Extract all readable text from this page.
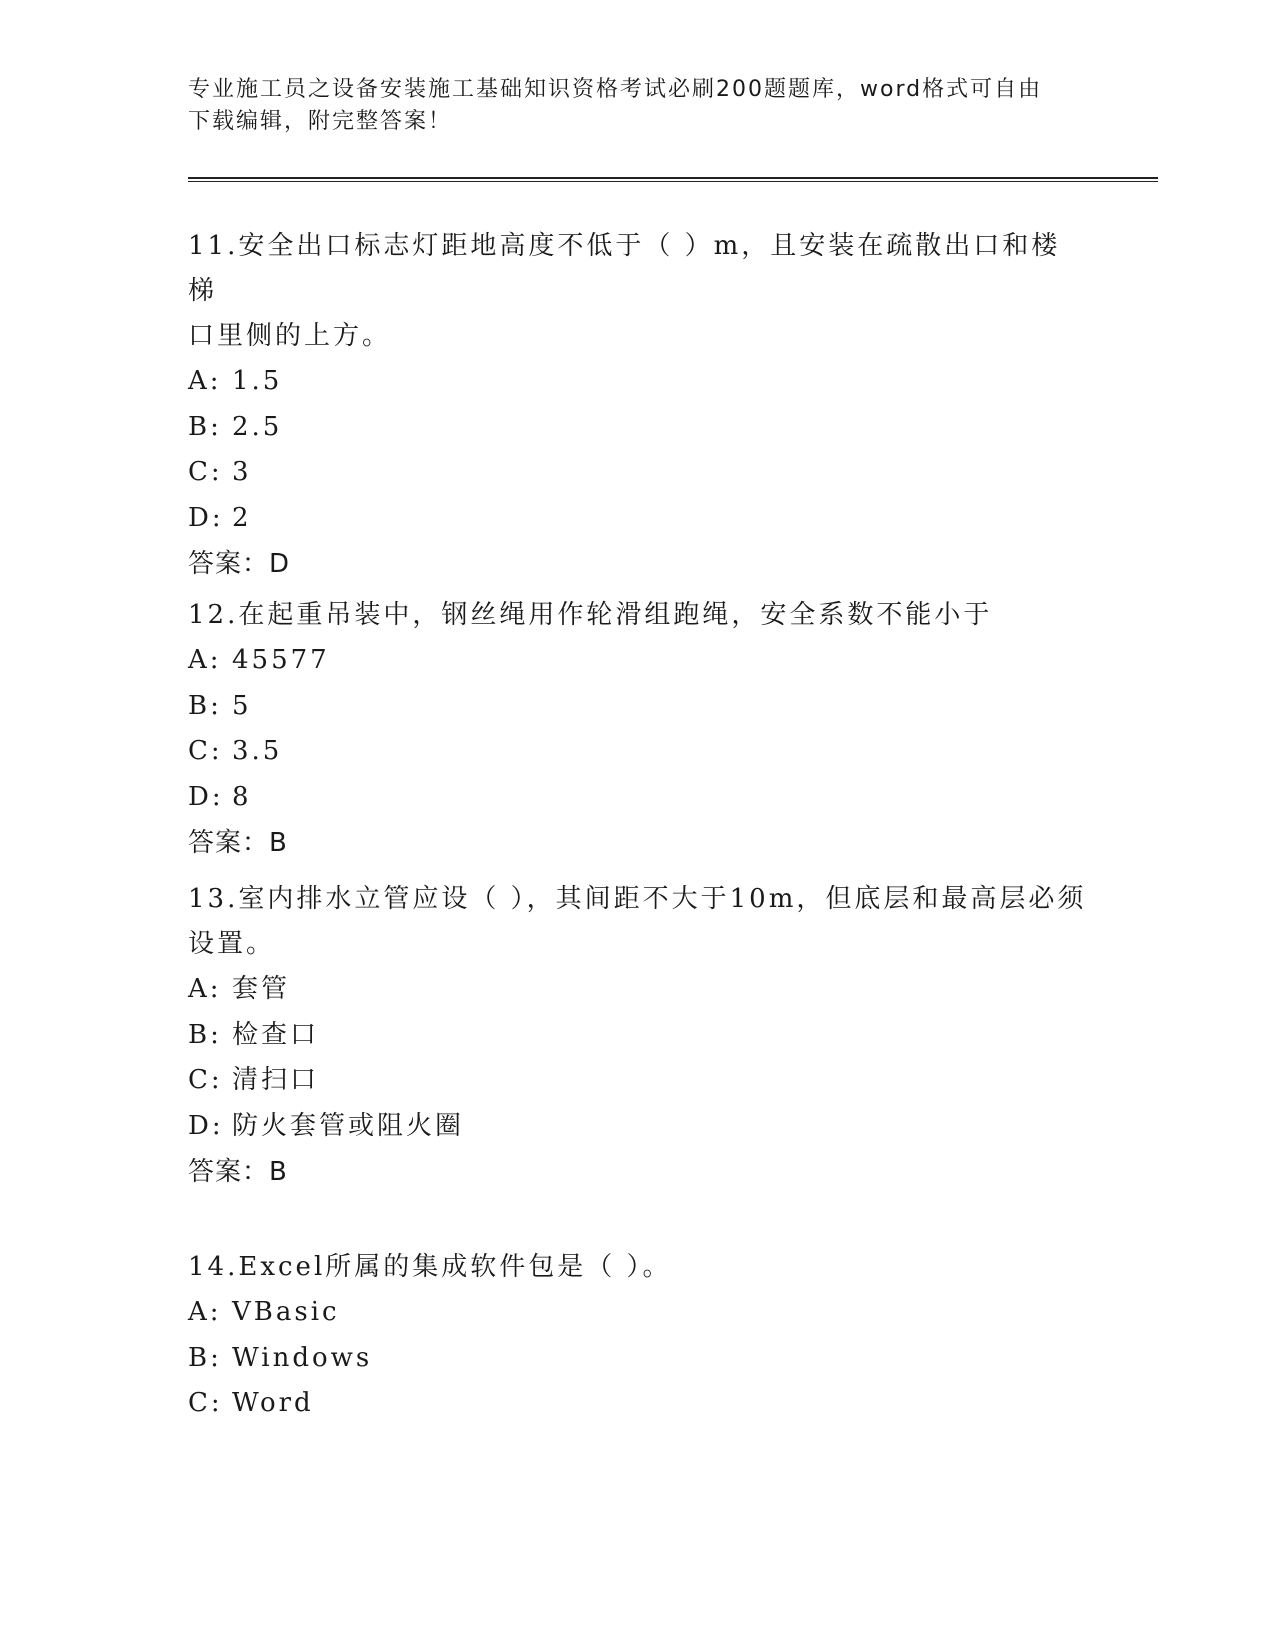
专业施工员之设备安装施工基础知识资格考试必刷200题题库，word格式可自由
下载编辑，附完整答案！

11.安全出口标志灯距地高度不低于（ ）m，且安装在疏散出口和楼梯

口里侧的上方。

A: 1.5

B: 2.5

C: 3

D: 2

答案：D

12.在起重吊装中，钢丝绳用作轮滑组跑绳，安全系数不能小于

A: 45577

B: 5

C: 3.5

D: 8

答案：B

13.室内排水立管应设（ ），其间距不大于10m，但底层和最高层必须

设置。

A: 套管

B: 检查口

C: 清扫口

D: 防火套管或阻火圈

答案：B

14.Excel所属的集成软件包是（ ）。

A: VBasic

B: Windows

C: Word
